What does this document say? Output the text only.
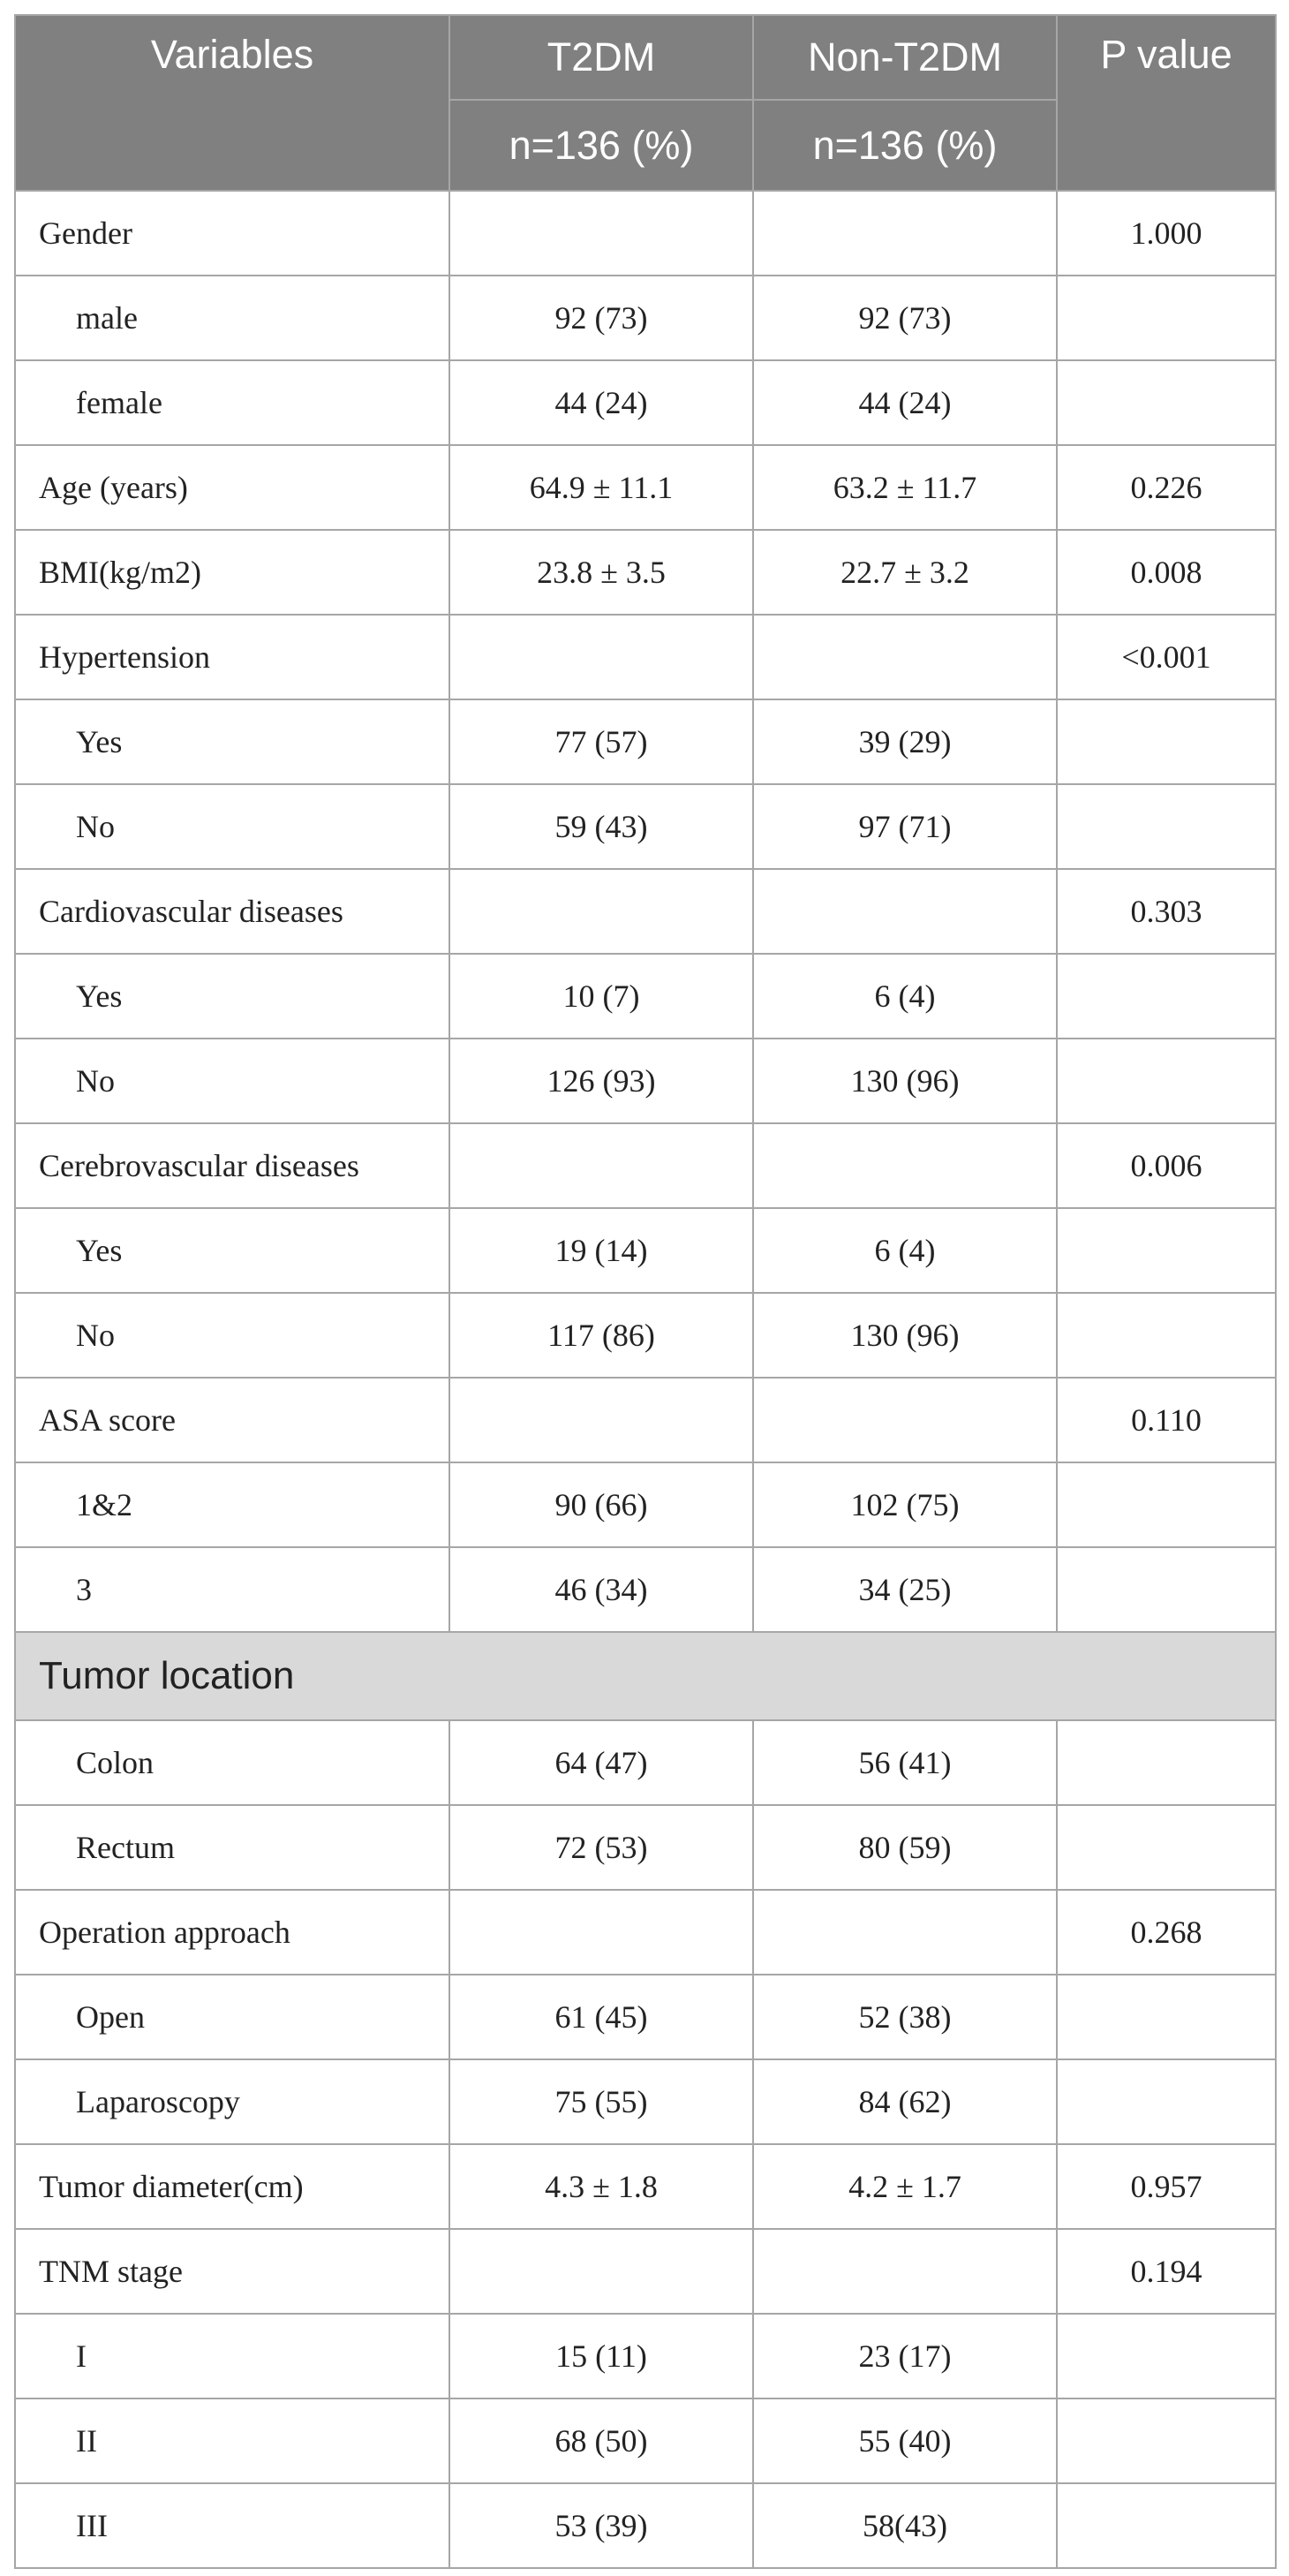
Variables	T2DM	Non-T2DM	P value
	n=136 (%)	n=136 (%)	
Gender			1.000
male	92 (73)	92 (73)	
female	44 (24)	44 (24)	
Age (years)	64.9 ± 11.1	63.2 ± 11.7	0.226
BMI(kg/m2)	23.8 ± 3.5	22.7 ± 3.2	0.008
Hypertension			<0.001
Yes	77 (57)	39 (29)	
No	59 (43)	97 (71)	
Cardiovascular diseases			0.303
Yes	10 (7)	6 (4)	
No	126 (93)	130 (96)	
Cerebrovascular diseases			0.006
Yes	19 (14)	6 (4)	
No	117 (86)	130 (96)	
ASA score			0.110
1&2	90 (66)	102 (75)	
3	46 (34)	34 (25)	
Tumor location			
Colon	64 (47)	56 (41)	
Rectum	72 (53)	80 (59)	
Operation approach			0.268
Open	61 (45)	52 (38)	
Laparoscopy	75 (55)	84 (62)	
Tumor diameter(cm)	4.3 ± 1.8	4.2 ± 1.7	0.957
TNM stage			0.194
I	15 (11)	23 (17)	
II	68 (50)	55 (40)	
III	53 (39)	58(43)	
